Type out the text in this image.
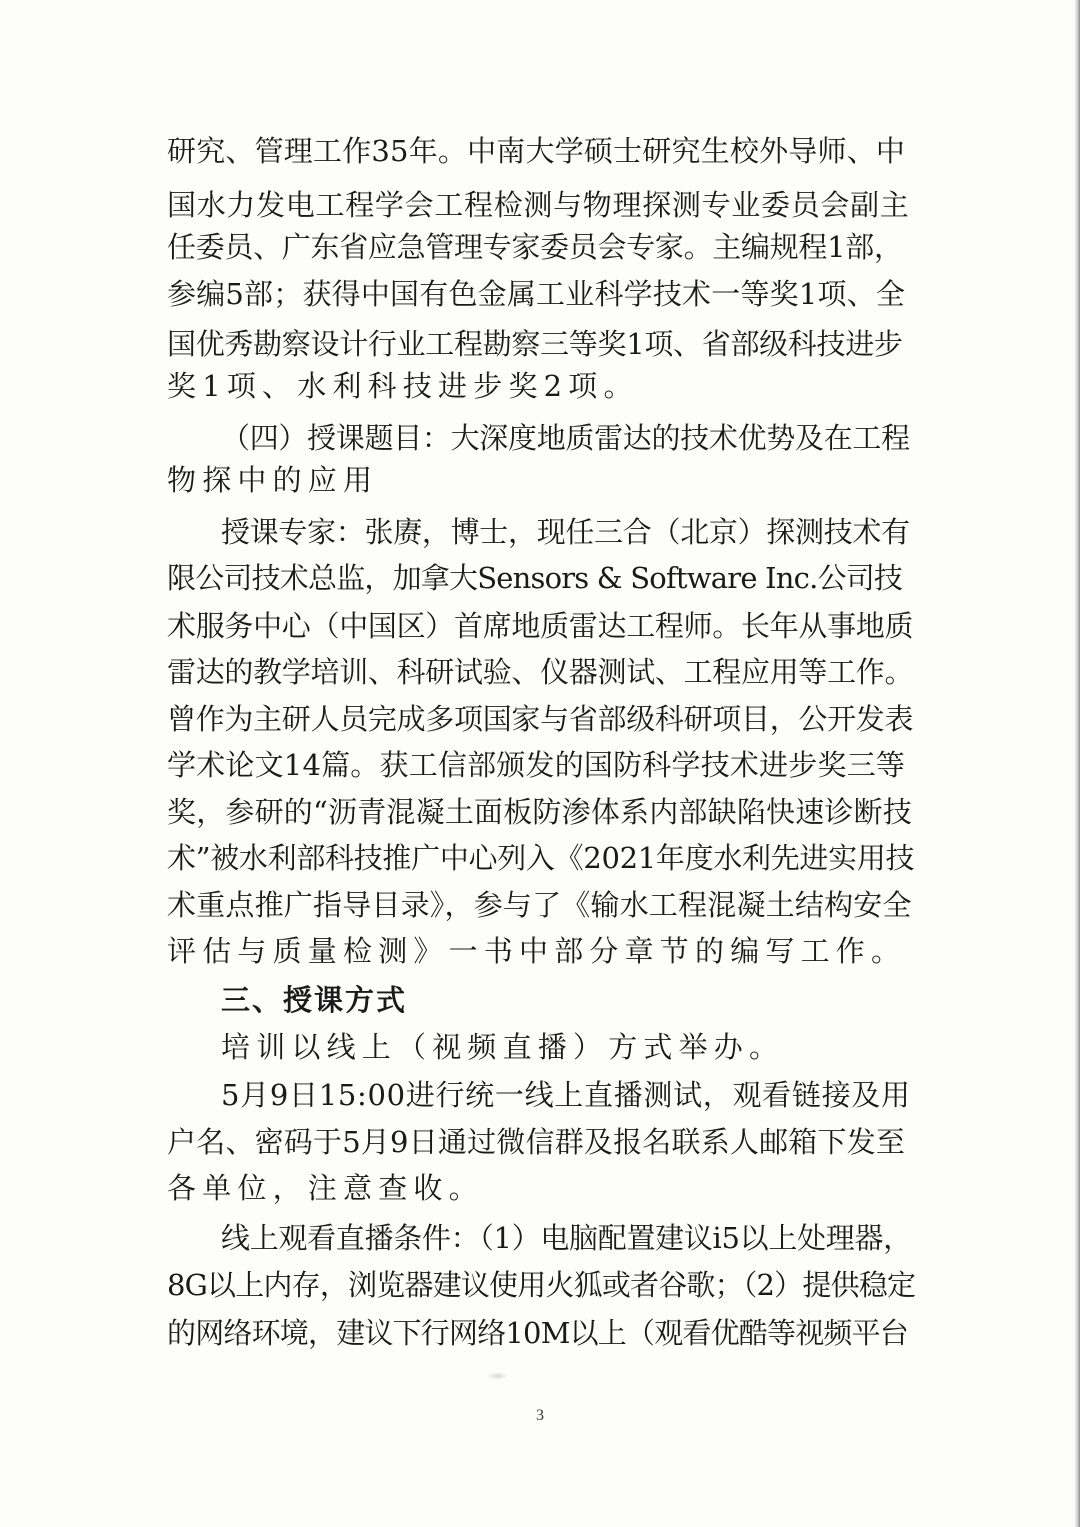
研究、管理工作35年。中南大学硕士研究生校外导师、中
国水力发电工程学会工程检测与物理探测专业委员会副主
任委员、广东省应急管理专家委员会专家。主编规程1部，
参编5部；获得中国有色金属工业科学技术一等奖1项、全
国优秀勘察设计行业工程勘察三等奖1项、省部级科技进步
奖1项、水利科技进步奖2项。
（四）授课题目：大深度地质雷达的技术优势及在工程
物探中的应用
授课专家：张赓，博士，现任三合（北京）探测技术有
限公司技术总监，加拿大Sensors & Software Inc.公司技
术服务中心（中国区）首席地质雷达工程师。长年从事地质
雷达的教学培训、科研试验、仪器测试、工程应用等工作。
曾作为主研人员完成多项国家与省部级科研项目，公开发表
学术论文14篇。获工信部颁发的国防科学技术进步奖三等
奖，参研的“沥青混凝土面板防渗体系内部缺陷快速诊断技
术”被水利部科技推广中心列入《2021年度水利先进实用技
术重点推广指导目录》，参与了《输水工程混凝土结构安全
评估与质量检测》一书中部分章节的编写工作。
三、授课方式
培训以线上（视频直播）方式举办。
5月9日15:00进行统一线上直播测试，观看链接及用
户名、密码于5月9日通过微信群及报名联系人邮箱下发至
各单位，注意查收。
线上观看直播条件：（1）电脑配置建议i5以上处理器，
8G以上内存，浏览器建议使用火狐或者谷歌；（2）提供稳定
的网络环境，建议下行网络10M以上（观看优酷等视频平台
3
